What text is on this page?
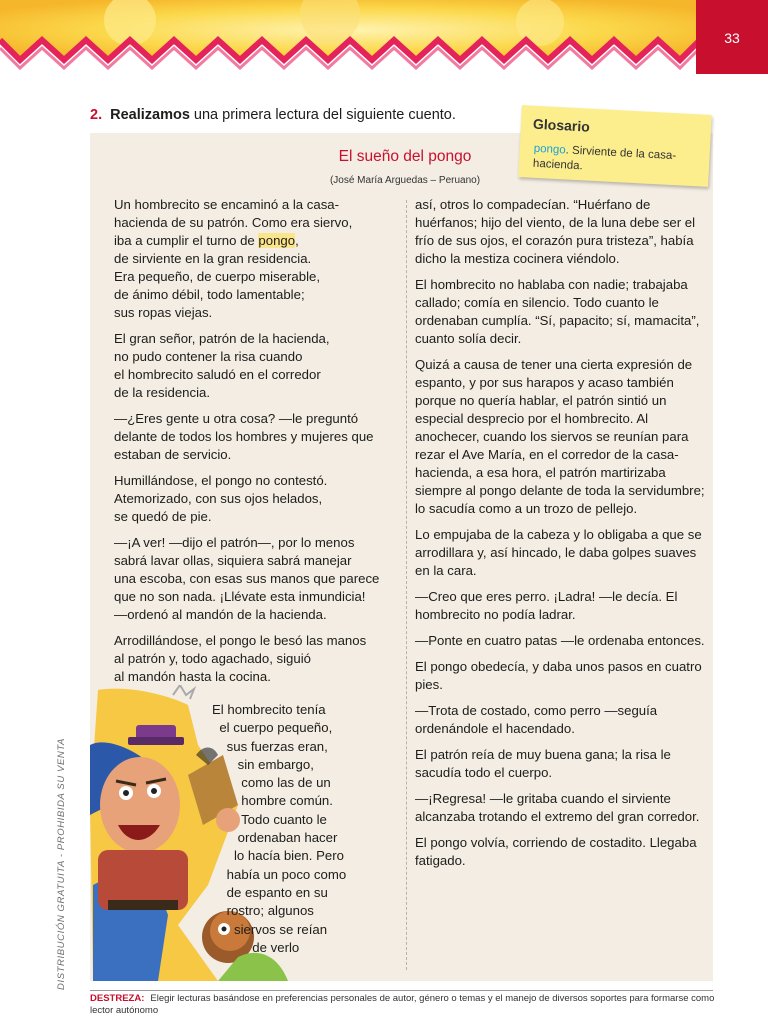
33
2. Realizamos una primera lectura del siguiente cuento.
El sueño del pongo
(José María Arguedas – Peruano)

Un hombrecito se encaminó a la casa-
hacienda de su patrón. Como era siervo,
iba a cumplir el turno de pongo,
de sirviente en la gran residencia.
Era pequeño, de cuerpo miserable,
de ánimo débil, todo lamentable;
sus ropas viejas.

El gran señor, patrón de la hacienda,
no pudo contener la risa cuando
el hombrecito saludó en el corredor
de la residencia.

—¿Eres gente u otra cosa? —le preguntó
delante de todos los hombres y mujeres que
estaban de servicio.

Humillándose, el pongo no contestó.
Atemorizado, con sus ojos helados,
se quedó de pie.

—¡A ver! —dijo el patrón—, por lo menos
sabrá lavar ollas, siquiera sabrá manejar
una escoba, con esas sus manos que parece
que no son nada. ¡Llévate esta inmundicia!
—ordenó al mandón de la hacienda.

Arrodillándose, el pongo le besó las manos
al patrón y, todo agachado, siguió
al mandón hasta la cocina.

El hombrecito tenía
el cuerpo pequeño,
sus fuerzas eran,
sin embargo,
como las de un
hombre común.
Todo cuanto le
ordenaban hacer
lo hacía bien. Pero
había un poco como
de espanto en su
rostro; algunos
siervos se reían
de verlo

así, otros lo compadecían. “Huérfano de huérfanos; hijo del viento, de la luna debe ser el frío de sus ojos, el corazón pura tristeza”, había dicho la mestiza cocinera viéndolo.

El hombrecito no hablaba con nadie; trabajaba callado; comía en silencio. Todo cuanto le ordenaban cumplía. “Sí, papacito; sí, mamacita”, cuanto solía decir.

Quizá a causa de tener una cierta expresión de espanto, y por sus harapos y acaso también porque no quería hablar, el patrón sintió un especial desprecio por el hombrecito. Al anochecer, cuando los siervos se reunían para rezar el Ave María, en el corredor de la casa-hacienda, a esa hora, el patrón martirizaba siempre al pongo delante de toda la servidumbre; lo sacudía como a un trozo de pellejo.

Lo empujaba de la cabeza y lo obligaba a que se arrodillara y, así hincado, le daba golpes suaves en la cara.

—Creo que eres perro. ¡Ladra! —le decía. El hombrecito no podía ladrar.

—Ponte en cuatro patas —le ordenaba entonces.

El pongo obedecía, y daba unos pasos en cuatro pies.

—Trota de costado, como perro —seguía ordenándole el hacendado.

El patrón reía de muy buena gana; la risa le sacudía todo el cuerpo.

—¡Regresa! —le gritaba cuando el sirviente alcanzaba trotando el extremo del gran corredor.

El pongo volvía, corriendo de costadito. Llegaba fatigado.

Glosario
pongo. Sirviente de la casa-hacienda.
DISTRIBUCIÓN GRATUITA - PROHIBIDA SU VENTA
DESTREZA: Elegir lecturas basándose en preferencias personales de autor, género o temas y el manejo de diversos soportes para formarse como lector autónomo
